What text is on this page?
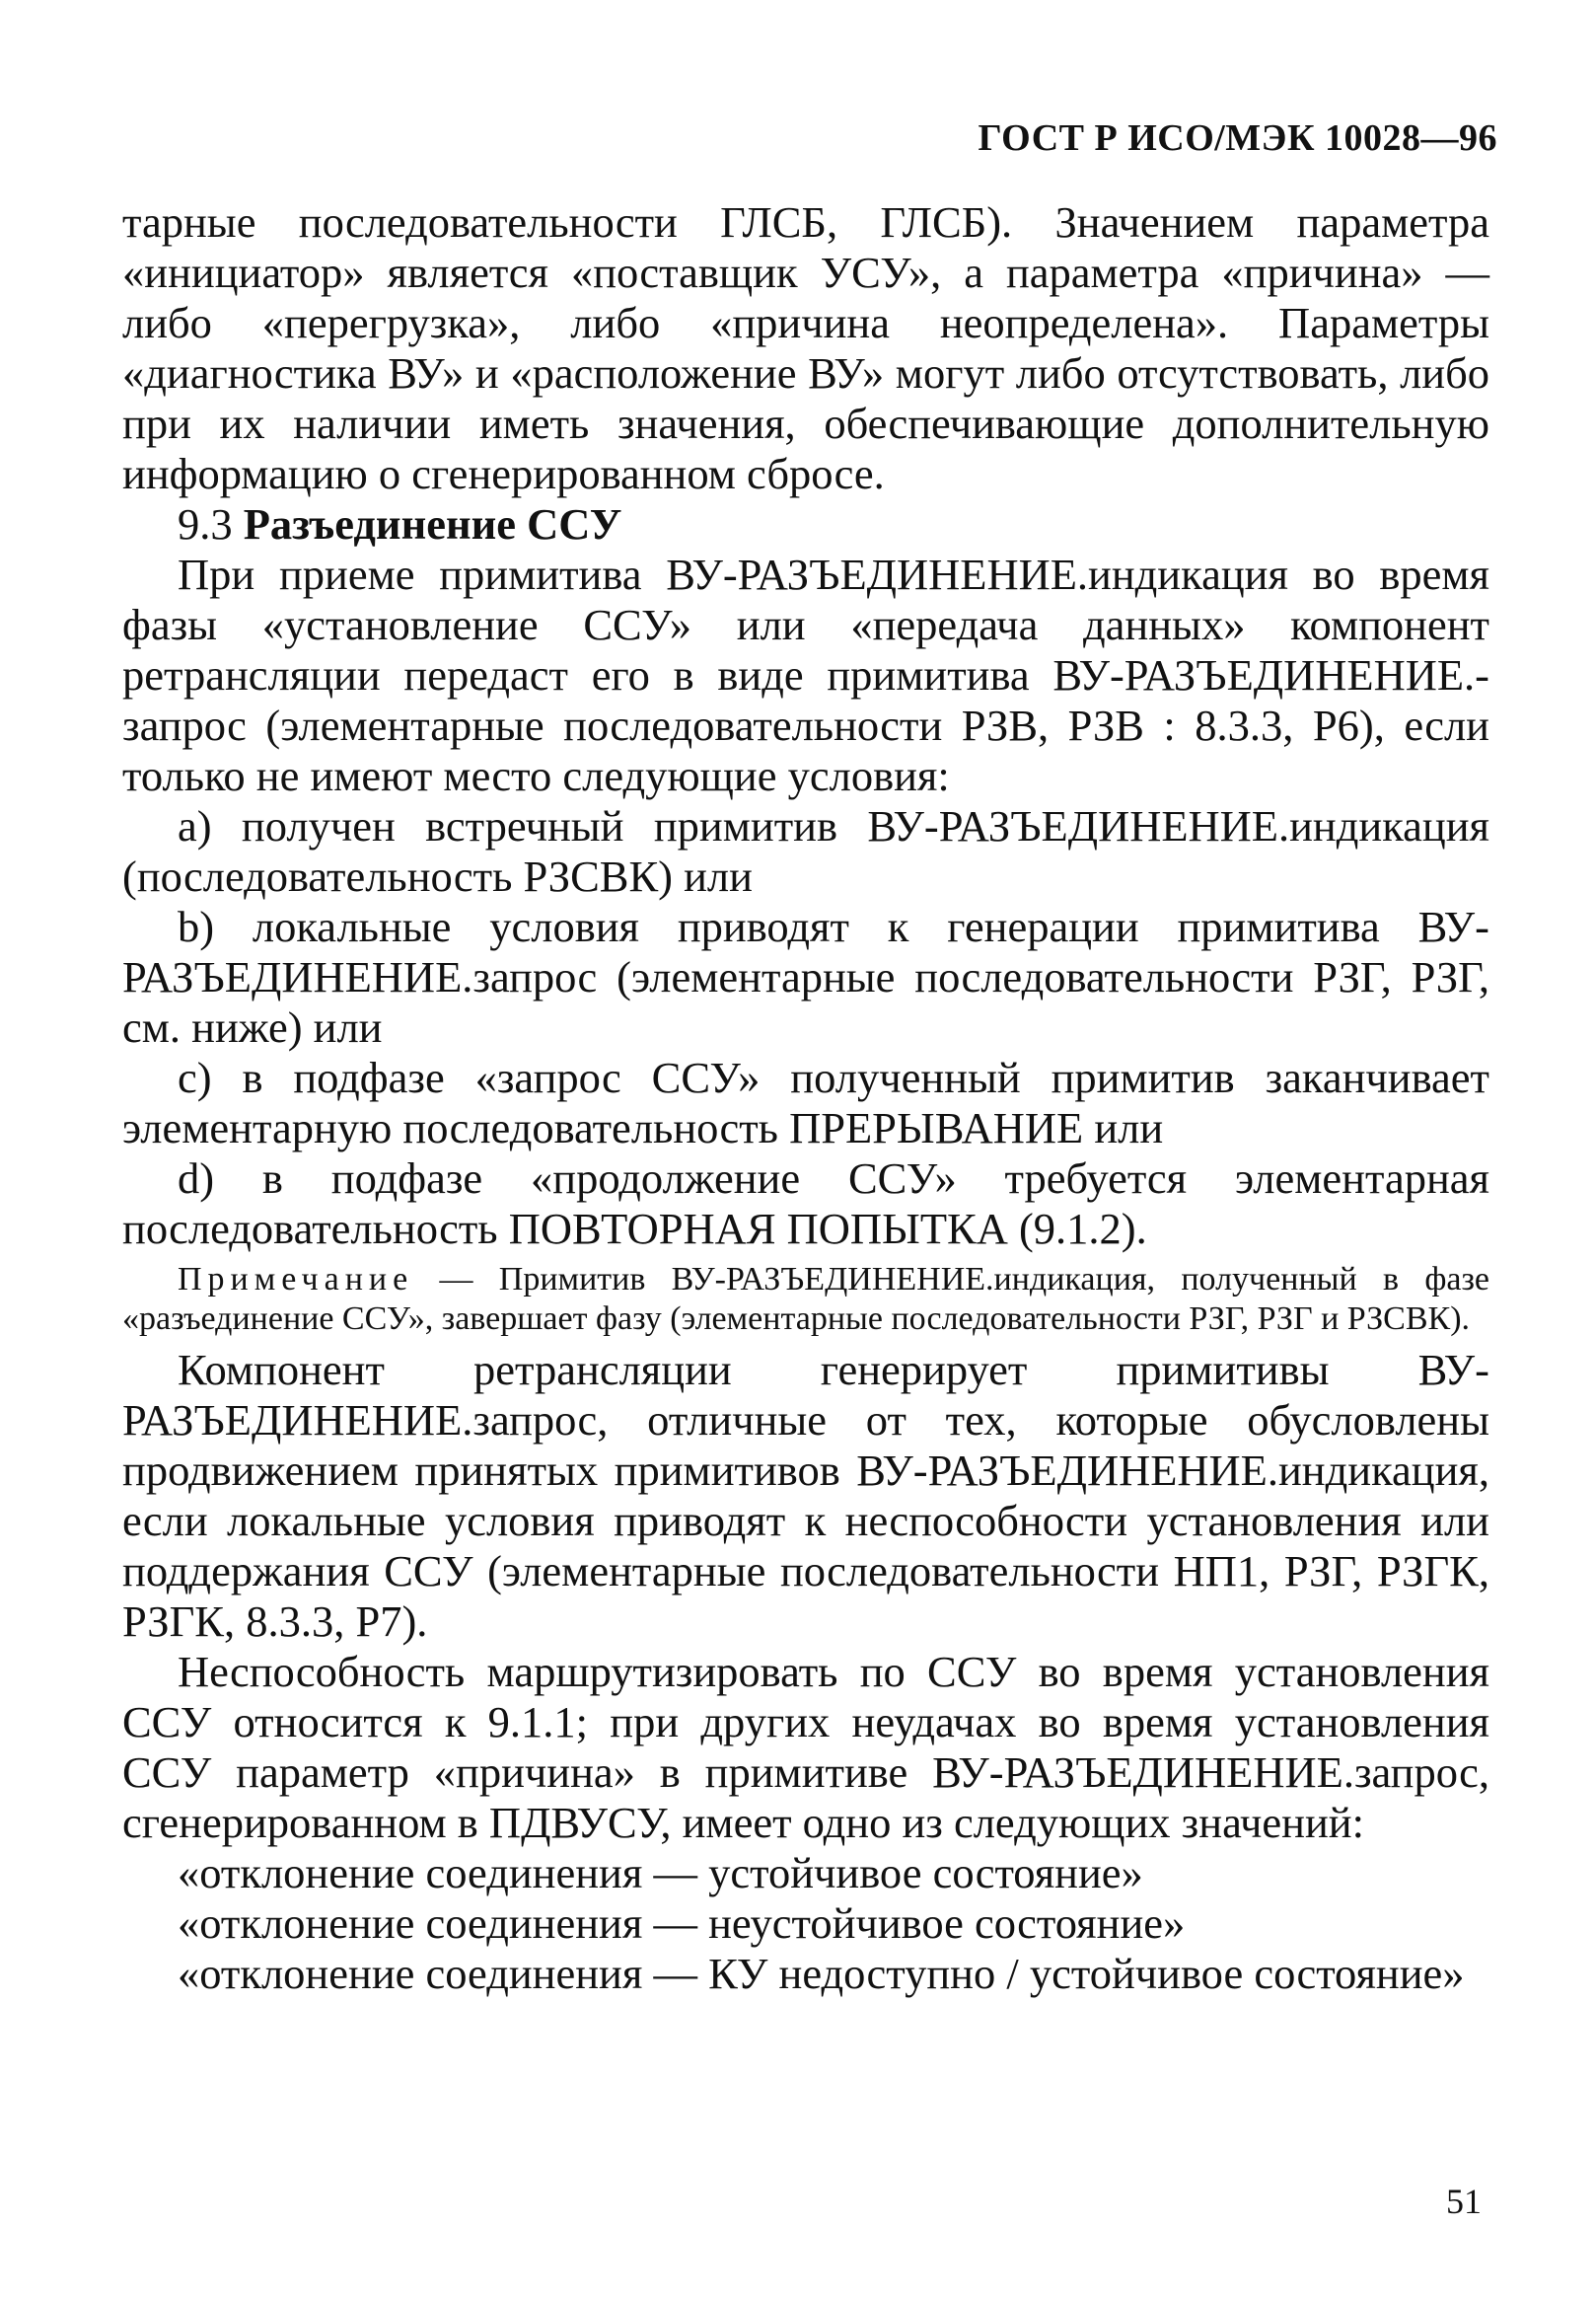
ГОСТ Р ИСО/МЭК 10028—96

тарные последовательности ГЛСБ, ГЛСБ). Значением параметра «инициатор» является «поставщик УСУ», а параметра «причина» — либо «перегрузка», либо «причина неопределена». Параметры «диагностика ВУ» и «расположение ВУ» могут либо отсутствовать, либо при их наличии иметь значения, обеспечивающие дополнительную информацию о сгенерированном сбросе.

9.3 Разъединение ССУ

При приеме примитива ВУ-РАЗЪЕДИНЕНИЕ.индикация во время фазы «установление ССУ» или «передача данных» компонент ретрансляции передаст его в виде примитива ВУ-РАЗЪЕДИНЕНИЕ.-запрос (элементарные последовательности РЗВ, РЗВ : 8.3.3, Р6), если только не имеют место следующие условия:

а) получен встречный примитив ВУ-РАЗЪЕДИНЕНИЕ.индикация (последовательность РЗСВК) или

b) локальные условия приводят к генерации примитива ВУ-РАЗЪЕДИНЕНИЕ.запрос (элементарные последовательности РЗГ, РЗГ, см. ниже) или

c) в подфазе «запрос ССУ» полученный примитив заканчивает элементарную последовательность ПРЕРЫВАНИЕ или

d) в подфазе «продолжение ССУ» требуется элементарная последовательность ПОВТОРНАЯ ПОПЫТКА (9.1.2).

Примечание — Примитив ВУ-РАЗЪЕДИНЕНИЕ.индикация, полученный в фазе «разъединение ССУ», завершает фазу (элементарные последовательности РЗГ, РЗГ и РЗСВК).

Компонент ретрансляции генерирует примитивы ВУ-РАЗЪЕДИНЕНИЕ.запрос, отличные от тех, которые обусловлены продвижением принятых примитивов ВУ-РАЗЪЕДИНЕНИЕ.индикация, если локальные условия приводят к неспособности установления или поддержания ССУ (элементарные последовательности НП1, РЗГ, РЗГК, РЗГК, 8.3.3, Р7).

Неспособность маршрутизировать по ССУ во время установления ССУ относится к 9.1.1; при других неудачах во время установления ССУ параметр «причина» в примитиве ВУ-РАЗЪЕДИНЕНИЕ.запрос, сгенерированном в ПДВУСУ, имеет одно из следующих значений:

«отклонение соединения — устойчивое состояние»

«отклонение соединения — неустойчивое состояние»

«отклонение соединения — КУ недоступно / устойчивое состояние»

51
